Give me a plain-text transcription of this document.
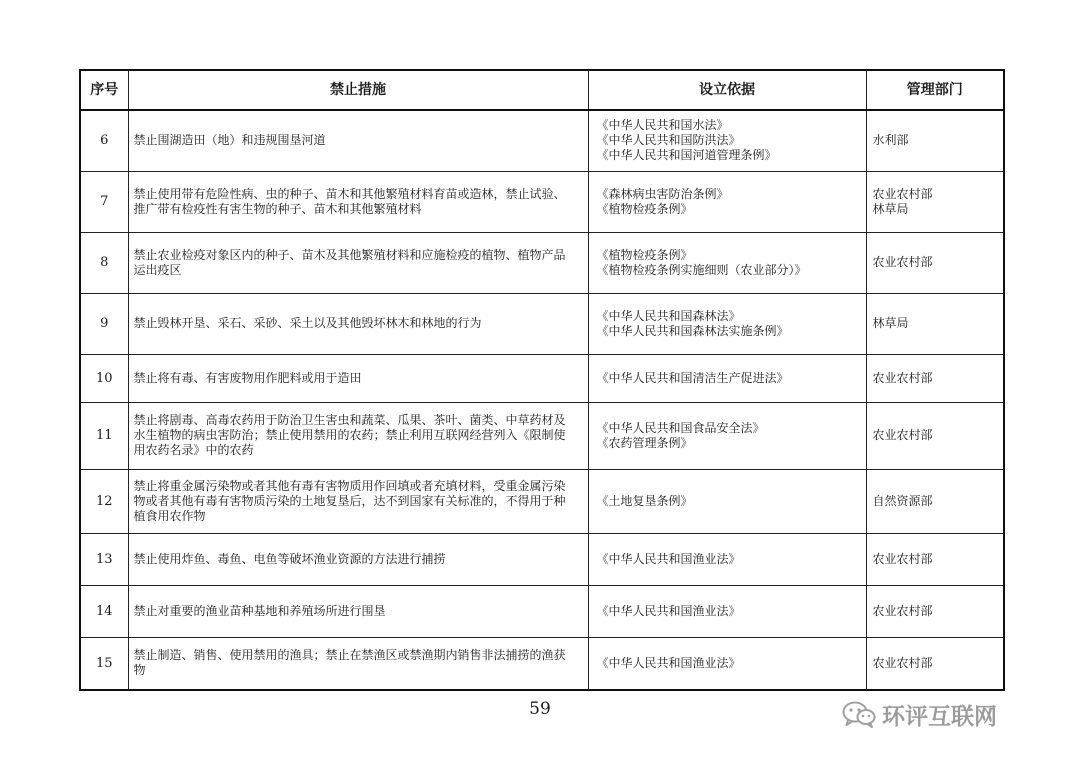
序号	禁止措施	设立依据	管理部门
6	禁止围湖造田（地）和违规围垦河道	《中华人民共和国水法》
《中华人民共和国防洪法》
《中华人民共和国河道管理条例》	水利部

7	禁止使用带有危险性病、虫的种子、苗木和其他繁殖材料育苗或造林，禁止试验、
推广带有检疫性有害生物的种子、苗木和其他繁殖材料	《森林病虫害防治条例》
《植物检疫条例》	农业农村部
林草局

8	禁止农业检疫对象区内的种子、苗木及其他繁殖材料和应施检疫的植物、植物产品
运出疫区	《植物检疫条例》
《植物检疫条例实施细则（农业部分）》	农业农村部

9	禁止毁林开垦、采石、采砂、采土以及其他毁坏林木和林地的行为	《中华人民共和国森林法》
《中华人民共和国森林法实施条例》	林草局

10	禁止将有毒、有害废物用作肥料或用于造田	《中华人民共和国清洁生产促进法》	农业农村部

11	禁止将剧毒、高毒农药用于防治卫生害虫和蔬菜、瓜果、茶叶、菌类、中草药材及
水生植物的病虫害防治；禁止使用禁用的农药；禁止利用互联网经营列入《限制使
用农药名录》中的农药	《中华人民共和国食品安全法》
《农药管理条例》	农业农村部

12	禁止将重金属污染物或者其他有毒有害物质用作回填或者充填材料，受重金属污染
物或者其他有毒有害物质污染的土地复垦后，达不到国家有关标准的，不得用于种
植食用农作物	《土地复垦条例》	自然资源部

13	禁止使用炸鱼、毒鱼、电鱼等破坏渔业资源的方法进行捕捞	《中华人民共和国渔业法》	农业农村部

14	禁止对重要的渔业苗种基地和养殖场所进行围垦	《中华人民共和国渔业法》	农业农村部

15	禁止制造、销售、使用禁用的渔具；禁止在禁渔区或禁渔期内销售非法捕捞的渔获
物	《中华人民共和国渔业法》	农业农村部
59	环评互联网
